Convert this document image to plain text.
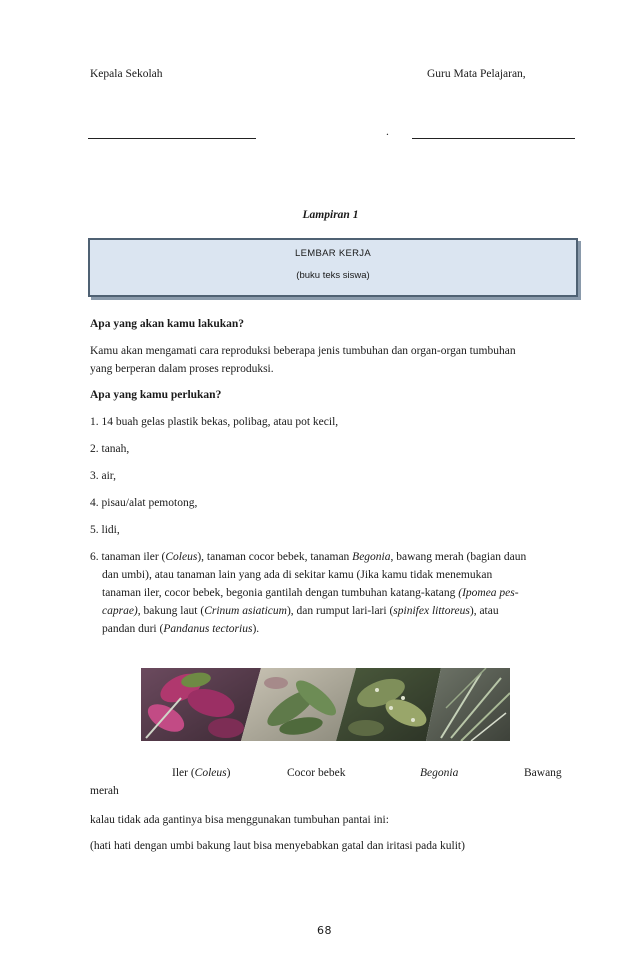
Kepala Sekolah	Guru Mata Pelajaran,
.
Lampiran 1
LEMBAR KERJA
(buku teks siswa)
Apa yang akan kamu lakukan?
Kamu akan mengamati cara reproduksi beberapa jenis tumbuhan dan organ-organ tumbuhan
yang berperan dalam proses reproduksi.
Apa yang kamu perlukan?
1. 14 buah gelas plastik bekas, polibag, atau pot kecil,
2. tanah,
3. air,
4. pisau/alat pemotong,
5. lidi,
6. tanaman iler (Coleus), tanaman cocor bebek, tanaman Begonia, bawang merah (bagian daun
dan umbi), atau tanaman lain yang ada di sekitar kamu (Jika kamu tidak menemukan
tanaman iler, cocor bebek, begonia gantilah dengan tumbuhan katang-katang (Ipomea pes-
caprae), bakung laut (Crinum asiaticum), dan rumput lari-lari (spinifex littoreus), atau
pandan duri (Pandanus tectorius).
Iler (Coleus)	Cocor bebek	Begonia	Bawang
merah
kalau tidak ada gantinya bisa menggunakan tumbuhan pantai ini:
(hati hati dengan umbi bakung laut bisa menyebabkan gatal dan iritasi pada kulit)
68
